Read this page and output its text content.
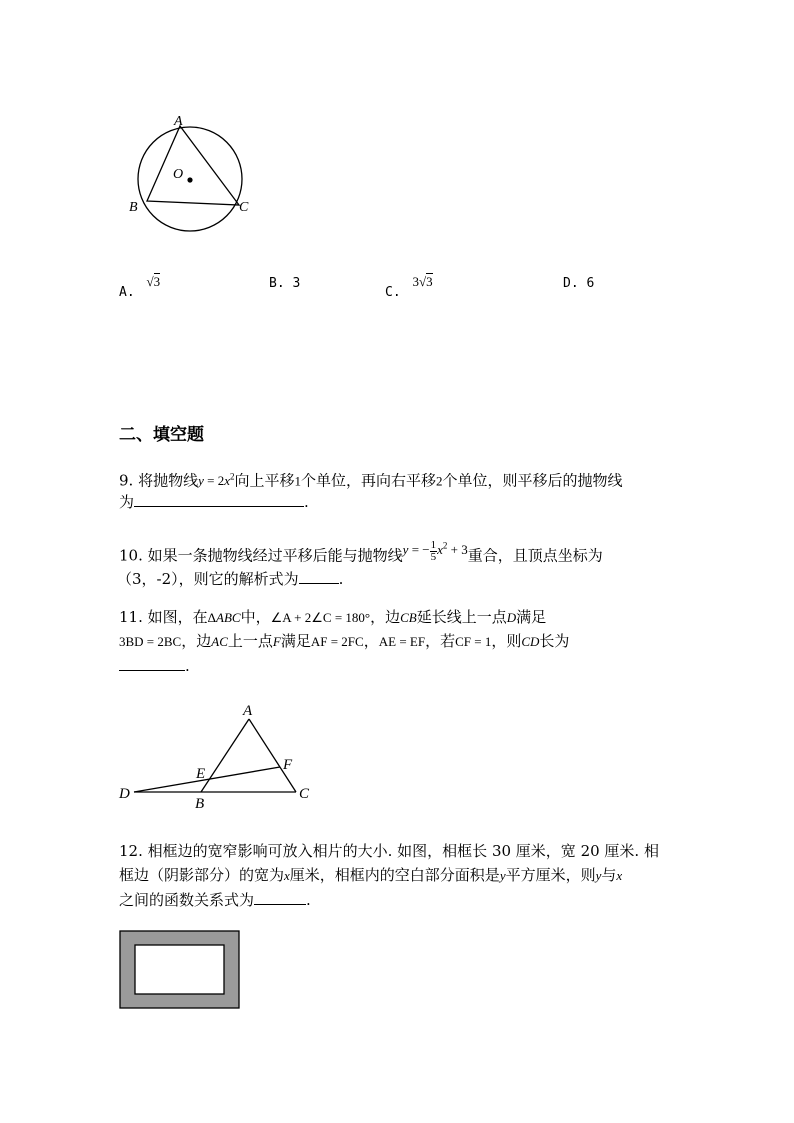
A
B	C
O
A. √3	B. 3
C. 3√3	D. 6
二、填空题
9. 将抛物线$y = 2x^2$向上平移1个单位，再向右平移2个单位，则平移后的抛物线
为	.
10. 如果一条抛物线经过平移后能与抛物线y = − $\frac{1}{5} x^2 + 3$重合，且顶点坐标为
（3，-2），则它的解析式为	.
11. 如图，在ΔABC中，∠A + 2∠C = 180°，边CB延长线上一点D满足
3BD = 2BC，边AC上一点F满足AF = 2FC，AE = EF，若CF = 1，则CD长为
.
A
B
C
D
E
F
12. 相框边的宽窄影响可放入相片的大小. 如图，相框长 30 厘米，宽 20 厘米. 相
框边（阴影部分）的宽为x厘米，相框内的空白部分面积是y平方厘米，则y与x
之间的函数关系式为	.
